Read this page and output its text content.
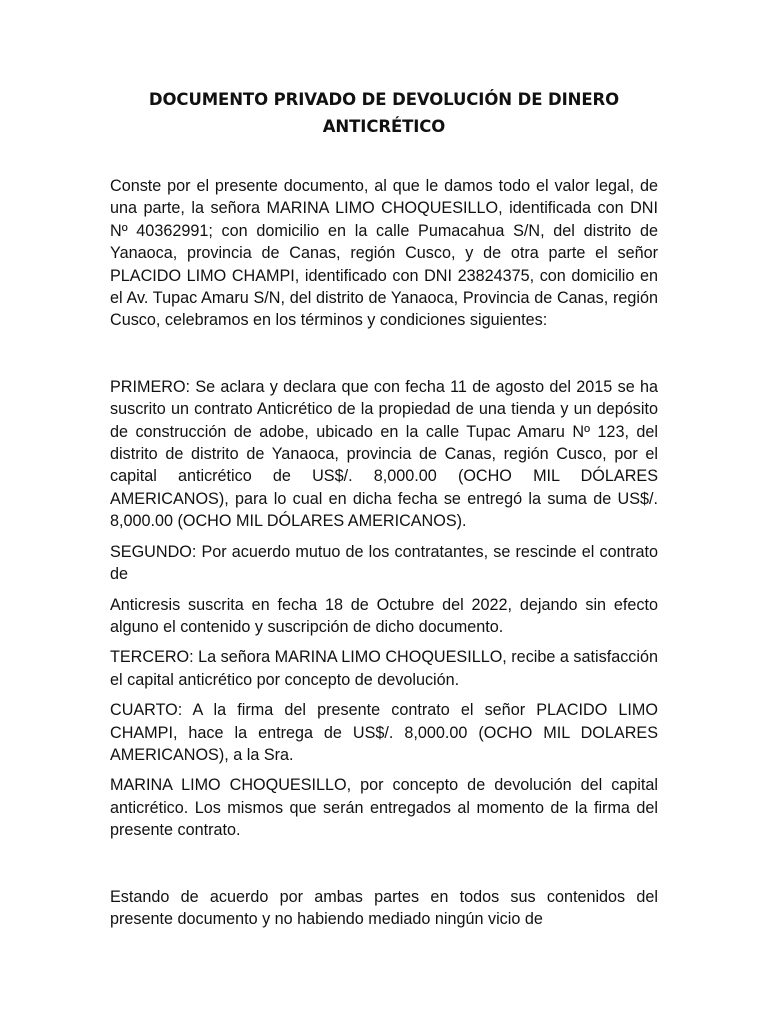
DOCUMENTO PRIVADO DE DEVOLUCIÓN DE DINERO
ANTICRÉTICO

Conste por el presente documento, al que le damos todo el valor legal, de una parte, la señora MARINA LIMO CHOQUESILLO, identificada con DNI Nº 40362991; con domicilio en la calle Pumacahua S/N, del distrito de Yanaoca, provincia de Canas, región Cusco, y de otra parte el señor PLACIDO LIMO CHAMPI, identificado con DNI 23824375, con domicilio en el Av. Tupac Amaru S/N, del distrito de Yanaoca, Provincia de Canas, región Cusco, celebramos en los términos y condiciones siguientes:

PRIMERO: Se aclara y declara que con fecha 11 de agosto del 2015 se ha suscrito un contrato Anticrético de la propiedad de una tienda y un depósito de construcción de adobe, ubicado en la calle Tupac Amaru Nº 123, del distrito de distrito de Yanaoca, provincia de Canas, región Cusco, por el capital anticrético de US$/. 8,000.00 (OCHO MIL DÓLARES AMERICANOS), para lo cual en dicha fecha se entregó la suma de US$/. 8,000.00 (OCHO MIL DÓLARES AMERICANOS).

SEGUNDO: Por acuerdo mutuo de los contratantes, se rescinde el contrato de

Anticresis suscrita en fecha 18 de Octubre del 2022, dejando sin efecto alguno el contenido y suscripción de dicho documento.

TERCERO: La señora MARINA LIMO CHOQUESILLO, recibe a satisfacción el capital anticrético por concepto de devolución.

CUARTO: A la firma del presente contrato el señor PLACIDO LIMO CHAMPI, hace la entrega de US$/. 8,000.00 (OCHO MIL DOLARES AMERICANOS), a la Sra.

MARINA LIMO CHOQUESILLO, por concepto de devolución del capital anticrético. Los mismos que serán entregados al momento de la firma del presente contrato.

Estando de acuerdo por ambas partes en todos sus contenidos del presente documento y no habiendo mediado ningún vicio de
